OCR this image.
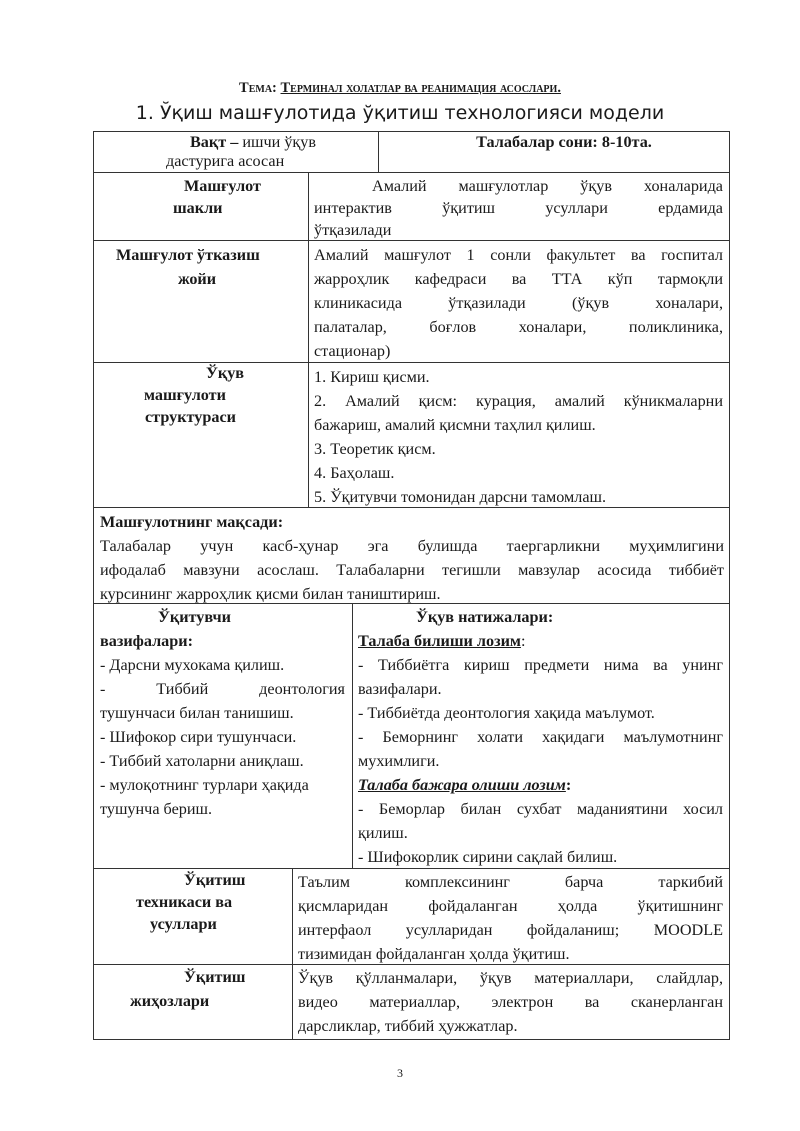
Тема: Терминал холатлар ва реанимация асослари.
1. Ўқиш машғулотида ўқитиш технологияси модели
Вақт – ишчи ўқув
дастурига асосан
Талабалар сони: 8-10та.
Машғулот
шакли
Амалий машғулотлар ўқув хоналарида
интерактив ўқитиш усуллари ердамида
ўтқазилади
Машғулот ўтказиш
жойи
Амалий машғулот 1 сонли факультет ва госпитал
жарроҳлик кафедраси ва ТТА кўп тармоқли
клиникасида ўтқазилади (ўқув хоналари,
палаталар, боғлов хоналари, поликлиника,
стационар)
Ўқув
машғулоти
структураси
1. Кириш қисми.
2. Амалий қисм: курация, амалий кўникмаларни
бажариш, амалий қисмни таҳлил қилиш.
3. Теоретик қисм.
4. Баҳолаш.
5. Ўқитувчи томонидан дарсни тамомлаш.
Машғулотнинг мақсади:
Талабалар учун касб-ҳунар эга булишда таергарликни муҳимлигини
ифодалаб мавзуни асослаш. Талабаларни тегишли мавзулар асосида тиббиёт
курсининг жарроҳлик қисми билан таништириш.
Ўқитувчи
вазифалари:
- Дарсни мухокама қилиш.
- Тиббий деонтология
тушунчаси билан танишиш.
- Шифокор сири тушунчаси.
- Тиббий хатоларни аниқлаш.
- мулоқотнинг турлари ҳақида
тушунча бериш.
Ўқув натижалари:
Талаба билиши лозим:
- Тиббиётга кириш предмети нима ва унинг
вазифалари.
- Тиббиётда деонтология хақида маълумот.
- Беморнинг холати хақидаги маълумотнинг
мухимлиги.
Талаба бажара олиши лозим:
- Беморлар билан сухбат маданиятини хосил
қилиш.
- Шифокорлик сирини сақлай билиш.
Ўқитиш
техникаси ва
усуллари
Таълим комплексининг барча таркибий
қисмларидан фойдаланган ҳолда ўқитишнинг
интерфаол усулларидан фойдаланиш; MOODLE
тизимидан фойдаланган ҳолда ўқитиш.
Ўқитиш
жиҳозлари
Ўқув қўлланмалари, ўқув материаллари, слайдлар,
видео материаллар, электрон ва сканерланган
дарсликлар, тиббий ҳужжатлар.
3
